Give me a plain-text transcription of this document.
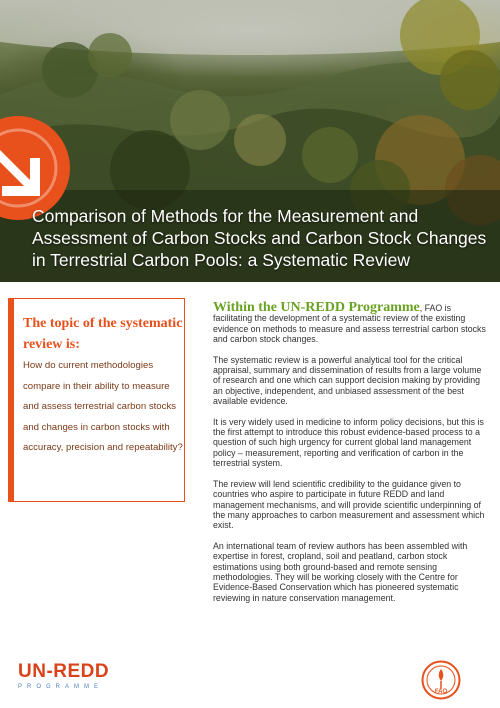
Comparison of Methods for the Measurement and
Assessment of Carbon Stocks and Carbon Stock Changes
in Terrestrial Carbon Pools: a Systematic Review
The topic of the systematic review is:

How do current methodologies compare in their ability to measure and assess terrestrial carbon stocks and changes in carbon stocks with accuracy, precision and repeatability?

Within the UN-REDD Programme, FAO is facilitating the development of a systematic review of the existing evidence on methods to measure and assess terrestrial carbon stocks and carbon stock changes.

The systematic review is a powerful analytical tool for the critical appraisal, summary and dissemination of results from a large volume of research and one which can support decision making by providing an objective, independent, and unbiased assessment of the best available evidence.

It is very widely used in medicine to inform policy decisions, but this is the first attempt to introduce this robust evidence-based process to a question of such high urgency for current global land management policy – measurement, reporting and verification of carbon in the terrestrial system.

The review will lend scientific credibility to the guidance given to countries who aspire to participate in future REDD and land management mechanisms, and will provide scientific underpinning of the many approaches to carbon measurement and assessment which exist.

An international team of review authors has been assembled with expertise in forest, cropland, soil and peatland, carbon stock estimations using both ground-based and remote sensing methodologies. They will be working closely with the Centre for Evidence-Based Conservation which has pioneered systematic reviewing in nature conservation management.

UN-REDD
PROGRAMME
FAO
